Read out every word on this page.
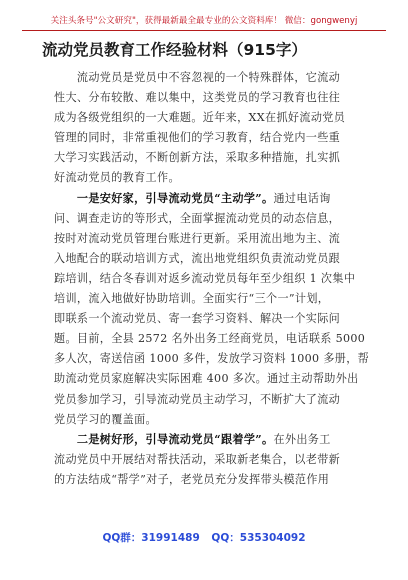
关注头条号"公文研究"，获得最新最全最专业的公文资料库！ 微信：gongwenyj
流动党员教育工作经验材料（915字）
　　流动党员是党员中不容忽视的一个特殊群体，它流动
性大、分布较散、难以集中，这类党员的学习教育也往往
成为各级党组织的一大难题。近年来，XX在抓好流动党员
管理的同时，非常重视他们的学习教育，结合党内一些重
大学习实践活动，不断创新方法，采取多种措施，扎实抓
好流动党员的教育工作。
　　一是安好家，引导流动党员“主动学”。通过电话询
问、调查走访的等形式，全面掌握流动党员的动态信息，
按时对流动党员管理台账进行更新。采用流出地为主、流
入地配合的联动培训方式，流出地党组织负责流动党员跟
踪培训，结合冬春训对返乡流动党员每年至少组织 1 次集中
培训，流入地做好协助培训。全面实行“三个一”计划，
即联系一个流动党员、寄一套学习资料、解决一个实际问
题。目前，全县 2572 名外出务工经商党员，电话联系 5000
多人次，寄送信函 1000 多件，发放学习资料 1000 多册，帮
助流动党员家庭解决实际困难 400 多次。通过主动帮助外出
党员参加学习，引导流动党员主动学习，不断扩大了流动
党员学习的覆盖面。
　　二是树好形，引导流动党员“跟着学”。在外出务工
流动党员中开展结对帮扶活动，采取新老集合，以老带新
的方法结成“帮学”对子，老党员充分发挥带头模范作用
QQ群：31991489 QQ：535304092
